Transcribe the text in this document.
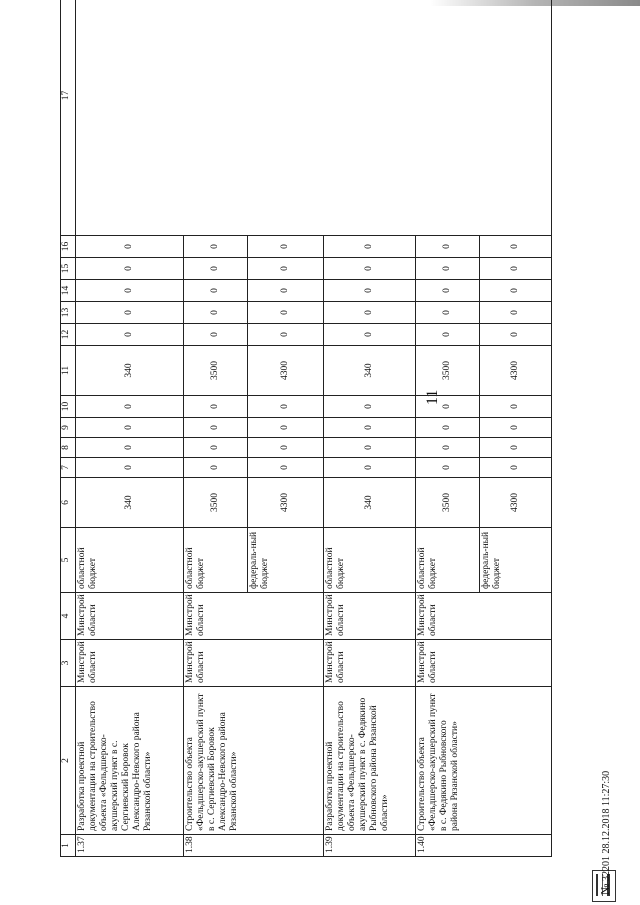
11
1	2	3	4	5	6	7	8	9	10	11	12	13	14	15	16	17
1.37	Разработка проектной документации на строительство объекта «Фельдшерско-акушерский пункт в с. Сергиевский Боровок Александро-Невского района Рязанской области»	Минстрой области	Минстрой области	областной бюджет	340	0	0	0	0	340	0	0	0	0	0	
1.38	Строительство объекта «Фельдшерско-акушерский пункт в с. Сергиевский Боровок Александро-Невского района Рязанской области»	Минстрой области	Минстрой области	областной бюджет	3500	0	0	0	0	3500	0	0	0	0	0	
				федераль-ный бюджет	4300	0	0	0	0	4300	0	0	0	0	0	
1.39	Разработка проектной документации на строительство объекта «Фельдшерско-акушерский пункт в с. Федякино Рыбновского района Рязанской области»	Минстрой области	Минстрой области	областной бюджет	340	0	0	0	0	340	0	0	0	0	0	
1.40	Строительство объекта «Фельдшерско-акушерский пункт в с. Федякино Рыбновского района Рязанской области»	Минстрой области	Минстрой области	областной бюджет	3500	0	0	0	0	3500	0	0	0	0	0	
				федераль-ный бюджет	4300	0	0	0	0	4300	0	0	0	0	0	
№ 32201 28.12.2018 11:27:30
